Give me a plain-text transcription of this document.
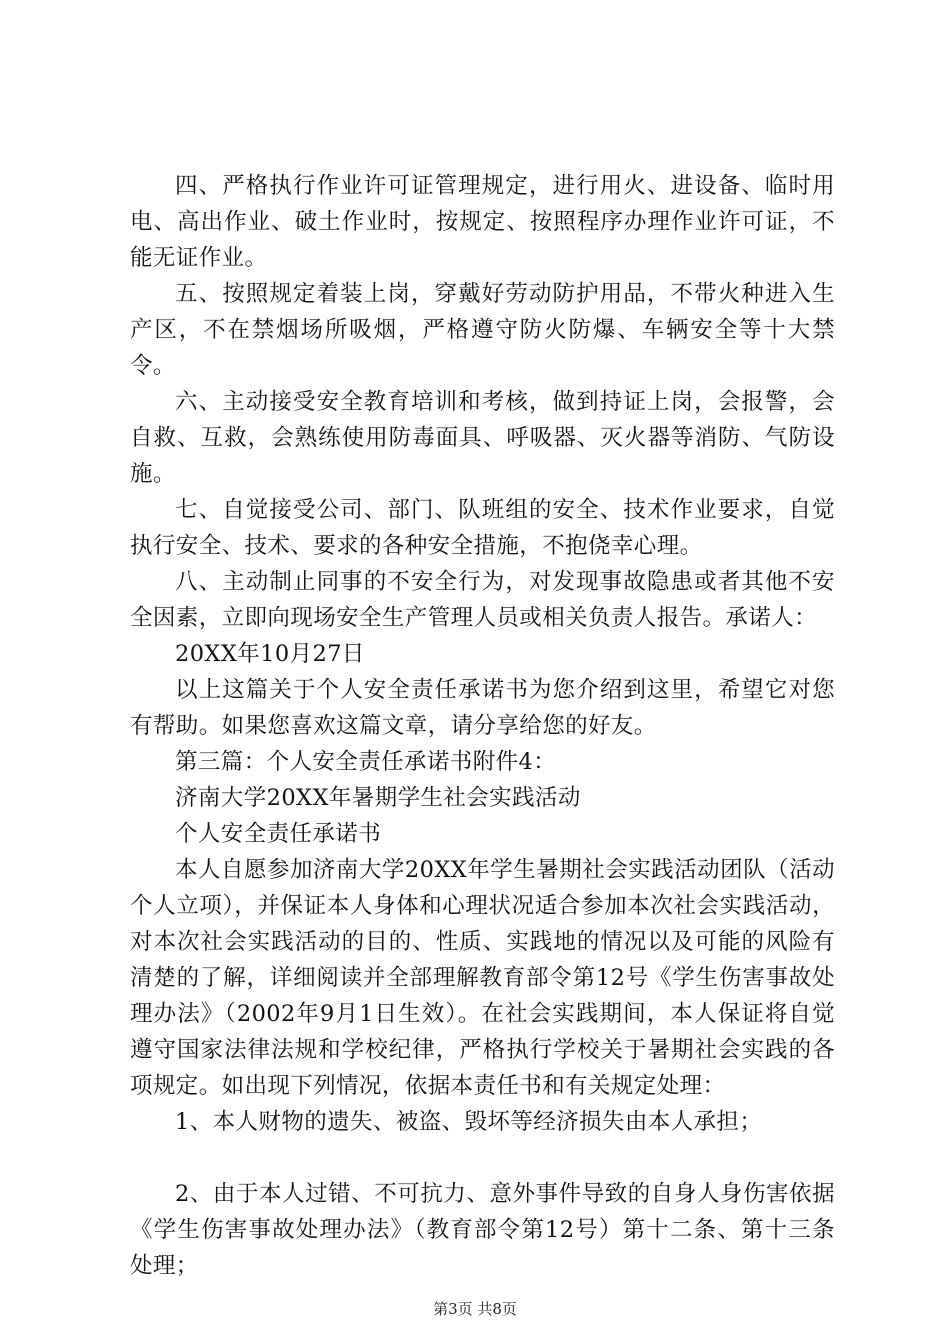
四、严格执行作业许可证管理规定，进行用火、进设备、临时用电、高出作业、破土作业时，按规定、按照程序办理作业许可证，不能无证作业。

五、按照规定着装上岗，穿戴好劳动防护用品，不带火种进入生产区，不在禁烟场所吸烟，严格遵守防火防爆、车辆安全等十大禁令。

六、主动接受安全教育培训和考核，做到持证上岗，会报警，会自救、互救，会熟练使用防毒面具、呼吸器、灭火器等消防、气防设施。

七、自觉接受公司、部门、队班组的安全、技术作业要求，自觉执行安全、技术、要求的各种安全措施，不抱侥幸心理。

八、主动制止同事的不安全行为，对发现事故隐患或者其他不安全因素，立即向现场安全生产管理人员或相关负责人报告。承诺人：

20XX年10月27日

以上这篇关于个人安全责任承诺书为您介绍到这里，希望它对您有帮助。如果您喜欢这篇文章，请分享给您的好友。

第三篇：个人安全责任承诺书附件4：

济南大学20XX年暑期学生社会实践活动

个人安全责任承诺书

本人自愿参加济南大学20XX年学生暑期社会实践活动团队（活动个人立项），并保证本人身体和心理状况适合参加本次社会实践活动，对本次社会实践活动的目的、性质、实践地的情况以及可能的风险有清楚的了解，详细阅读并全部理解教育部令第12号《学生伤害事故处理办法》（2002年9月1日生效）。在社会实践期间，本人保证将自觉遵守国家法律法规和学校纪律，严格执行学校关于暑期社会实践的各项规定。如出现下列情况，依据本责任书和有关规定处理：

1、本人财物的遗失、被盗、毁坏等经济损失由本人承担；

2、由于本人过错、不可抗力、意外事件导致的自身人身伤害依据《学生伤害事故处理办法》（教育部令第12号）第十二条、第十三条处理；

第3页 共8页
